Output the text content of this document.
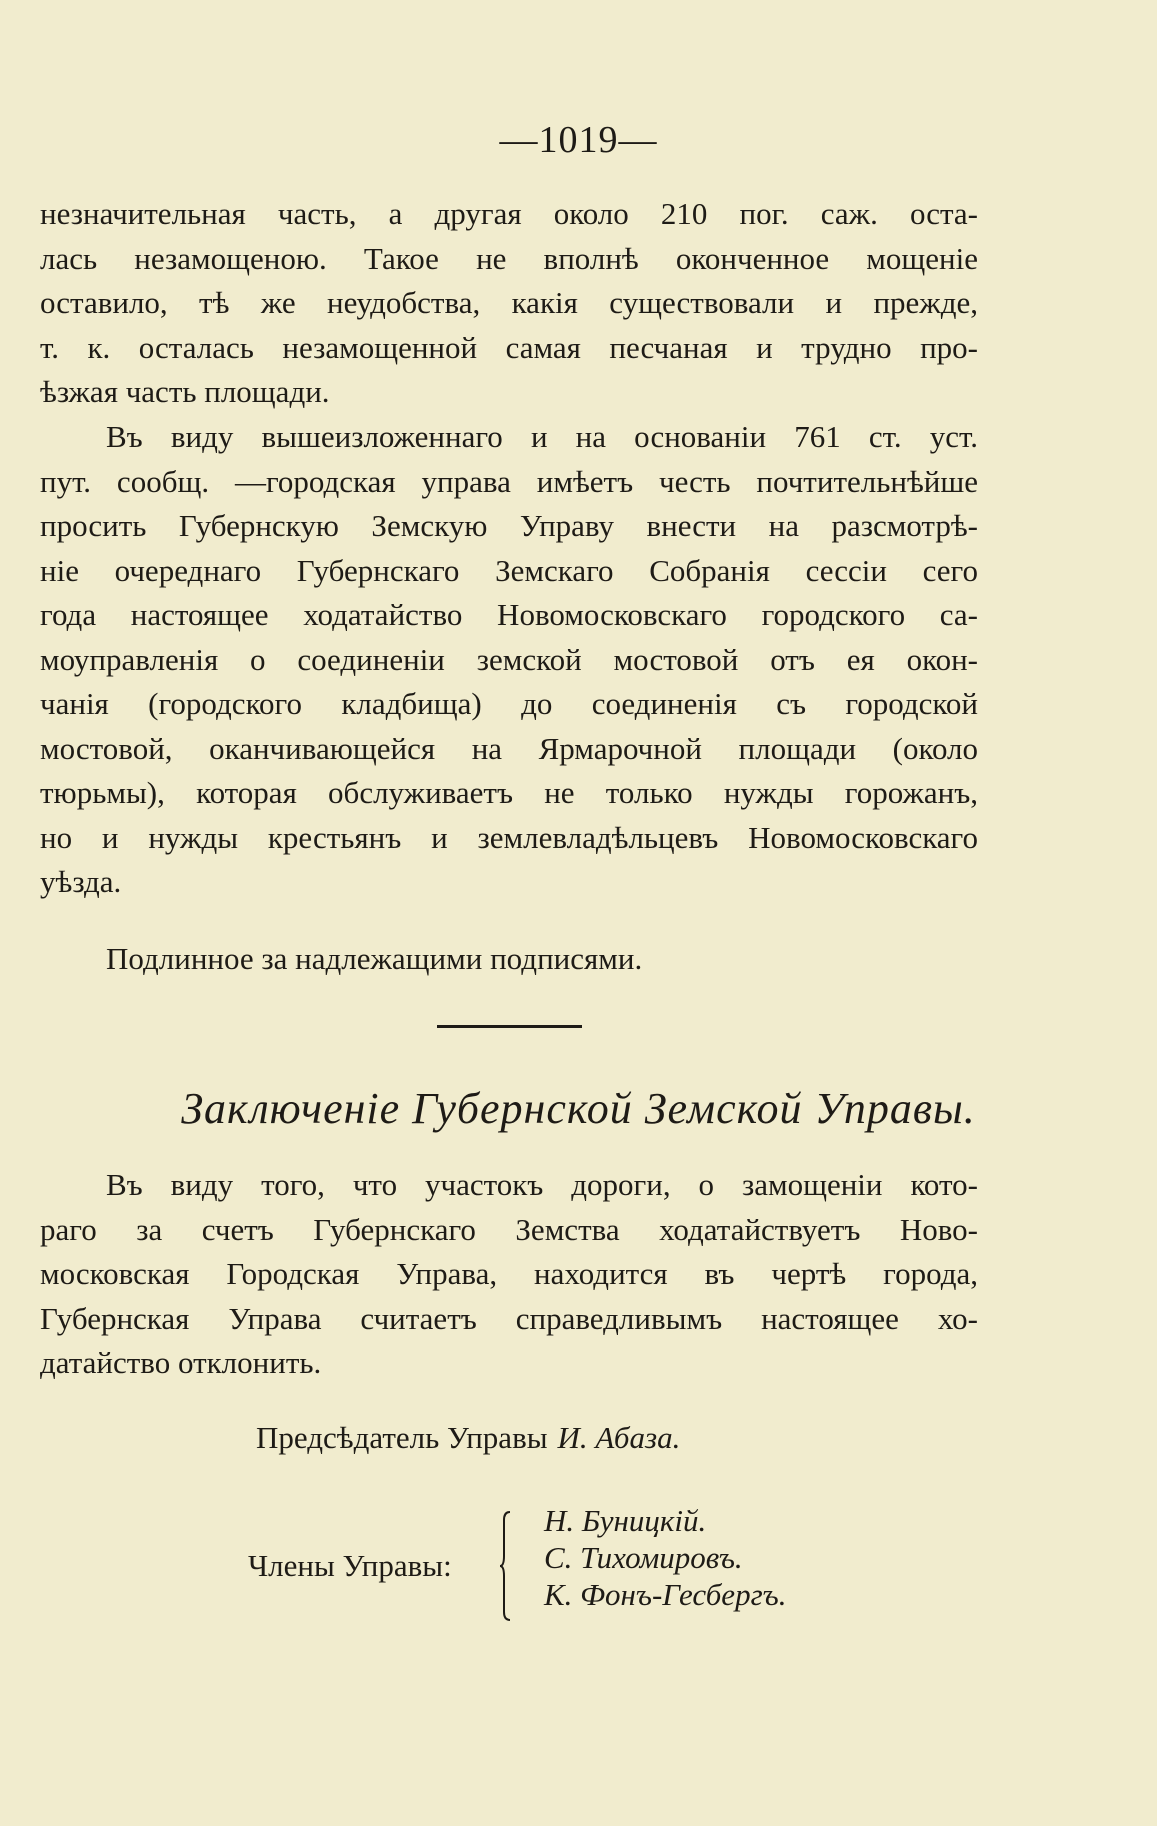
—1019—
незначительная часть, а другая около 210 пог. саж. оста-
лась незамощеною. Такое не вполнѣ оконченное мощеніе
оставило, тѣ же неудобства, какія существовали и прежде,
т. к. осталась незамощенной самая песчаная и трудно про-
ѣзжая часть площади.
Въ виду вышеизложеннаго и на основаніи 761 ст. уст.
пут. сообщ. —городская управа имѣетъ честь почтительнѣйше
просить Губернскую Земскую Управу внести на разсмотрѣ-
ніе очереднаго Губернскаго Земскаго Собранія сессіи сего
года настоящее ходатайство Новомосковскаго городского са-
моуправленія о соединеніи земской мостовой отъ ея окон-
чанія (городского кладбища) до соединенія съ городской
мостовой, оканчивающейся на Ярмарочной площади (около
тюрьмы), которая обслуживаетъ не только нужды горожанъ,
но и нужды крестьянъ и землевладѣльцевъ Новомосковскаго
уѣзда.
Подлинное за надлежащими подписями.
Заключеніе Губернской Земской Управы.
Въ виду того, что участокъ дороги, о замощеніи кото-
раго за счетъ Губернскаго Земства ходатайствуетъ Ново-
московская Городская Управа, находится въ чертѣ города,
Губернская Управа считаетъ справедливымъ настоящее хо-
датайство отклонить.
Предсѣдатель Управы И. Абаза.
Члены Управы:
Н. Буницкій.
С. Тихомировъ.
К. Фонъ-Гесбергъ.
